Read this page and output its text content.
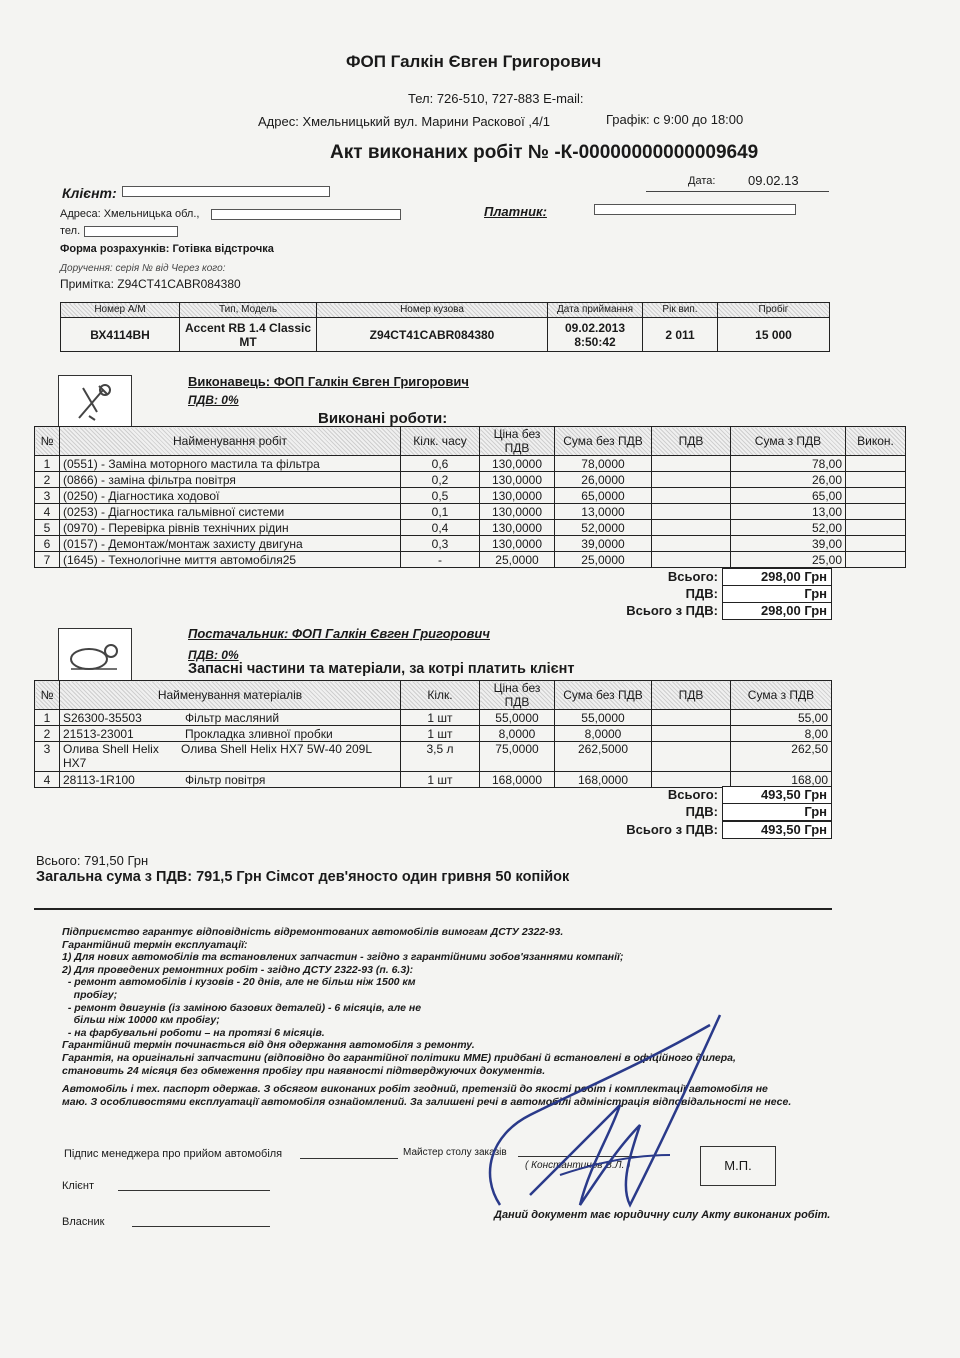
ФОП Галкін Євген Григорович
Тел: 726-510, 727-883 E-mail:
Адрес: Хмельницький вул. Марини Раскової ,4/1	Графік: с 9:00 до 18:00
Акт виконаних робіт № -К-00000000000009649
Дата:	09.02.13
Клієнт:
Платник:
Адреса: Хмельницька обл.,
тел.
Форма розрахунків: Готівка відстрочка
Доручення: серія № від Через кого:
Примітка: Z94CT41CABR084380
Номер А/М	Тип, Модель	Номер кузова	Дата приймання	Рік вип.	Пробіг
ВХ4114ВН	Accent RB 1.4 Classic MT	Z94CT41CABR084380	09.02.2013 8:50:42	2 011	15 000
Виконавець: ФОП Галкін Євген Григорович
ПДВ: 0%
Виконані роботи:
№	Найменування робіт	Кілк. часу	Ціна без ПДВ	Сума без ПДВ	ПДВ	Сума з ПДВ	Викон.
1	(0551) - Заміна моторного мастила та фільтра	0,6	130,0000	78,0000		78,00	
2	(0866) - заміна фільтра повітря	0,2	130,0000	26,0000		26,00	
3	(0250) - Діагностика ходової	0,5	130,0000	65,0000		65,00	
4	(0253) - Діагностика гальмівної системи	0,1	130,0000	13,0000		13,00	
5	(0970) - Перевірка рівнів технічних рідин	0,4	130,0000	52,0000		52,00	
6	(0157) - Демонтаж/монтаж захисту двигуна	0,3	130,0000	39,0000		39,00	
7	(1645) - Технологічне миття автомобіля25	-	25,0000	25,0000		25,00	
Всього:	298,00 Грн
ПДВ:	Грн
Всього з ПДВ:	298,00 Грн
Постачальник: ФОП Галкін Євген Григорович
ПДВ: 0%
Запасні частини та матеріали, за котрі платить клієнт
№	Найменування матеріалів	Кілк.	Ціна без ПДВ	Сума без ПДВ	ПДВ	Сума з ПДВ
1	S26300-35503 Фільтр масляний	1 шт	55,0000	55,0000		55,00
2	21513-23001 Прокладка зливної пробки	1 шт	8,0000	8,0000		8,00
3	Олива Shell Helix HX7Олива Shell Helix HX7 5W-40 209L	3,5 л	75,0000	262,5000		262,50
4	28113-1R100 Фільтр повітря	1 шт	168,0000	168,0000		168,00
Всього:	493,50 Грн
ПДВ:	Грн
Всього з ПДВ:	493,50 Грн
Всього: 791,50 Грн
Загальна сума з ПДВ: 791,5 Грн Сімсот дев'яносто один гривня 50 копійок
Підприємство гарантує відповідність відремонтованих автомобілів вимогам ДСТУ 2322-93.
Гарантійний термін експлуатації:
1) Для нових автомобілів та встановлених запчастин - згідно з гарантійними зобов'язаннями компанії;
2) Для проведених ремонтних робіт - згідно ДСТУ 2322-93 (п. 6.3):
- ремонт автомобілів і кузовів - 20 днів, але не більш ніж 1500 км
пробігу;
- ремонт двигунів (із заміною базових деталей) - 6 місяців, але не
більш ніж 10000 км пробігу;
- на фарбувальні роботи – на протязі 6 місяців.
Гарантійний термін починається від дня одержання автомобіля з ремонту.
Гарантія, на оригінальні запчастини (відповідно до гарантійної політики ММЕ) придбані й встановлені в офіційного дилера,
становить 24 місяця без обмеження пробігу при наявності підтверджуючих документів.
Автомобіль і тех. паспорт одержав. З обсягом виконаних робіт згодний, претензій до якості робіт і комплектації автомобіля не
маю. З особливостями експлуатації автомобіля ознайомлений. За залишені речі в автомобілі адміністрація відповідальності не несе.
Підпис менеджера про прийом автомобіля	Майстер столу заказів
( Константинов В.Л. )	М.П.
Клієнт
Власник
Даний документ має юридичну силу Акту виконаних робіт.
